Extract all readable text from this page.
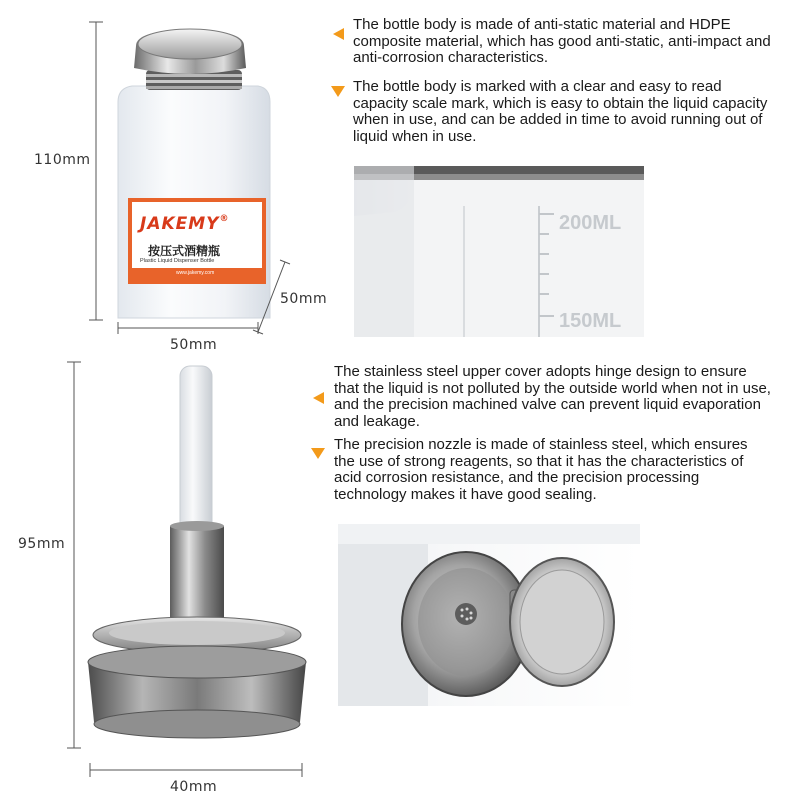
JAKEMY®
按压式酒精瓶
Plastic Liquid Dispenser Bottle
www.jakemy.com
110mm
50mm
50mm
The bottle body is made of anti-static material and HDPE composite material, which has good anti-static, anti-impact and anti-corrosion characteristics.
The bottle body is marked with a clear and easy to read capacity scale mark, which is easy to obtain the liquid capacity when in use, and can be added in time to avoid running out of liquid when in use.
200ML
150ML
95mm
40mm
The stainless steel upper cover adopts hinge design to ensure that the liquid is not polluted by the outside world when not in use, and the precision machined valve can prevent liquid evaporation and leakage.
The precision nozzle is made of stainless steel, which ensures the use of strong reagents, so that it has the characteristics of acid corrosion resistance, and the precision processing technology makes it have good sealing.
